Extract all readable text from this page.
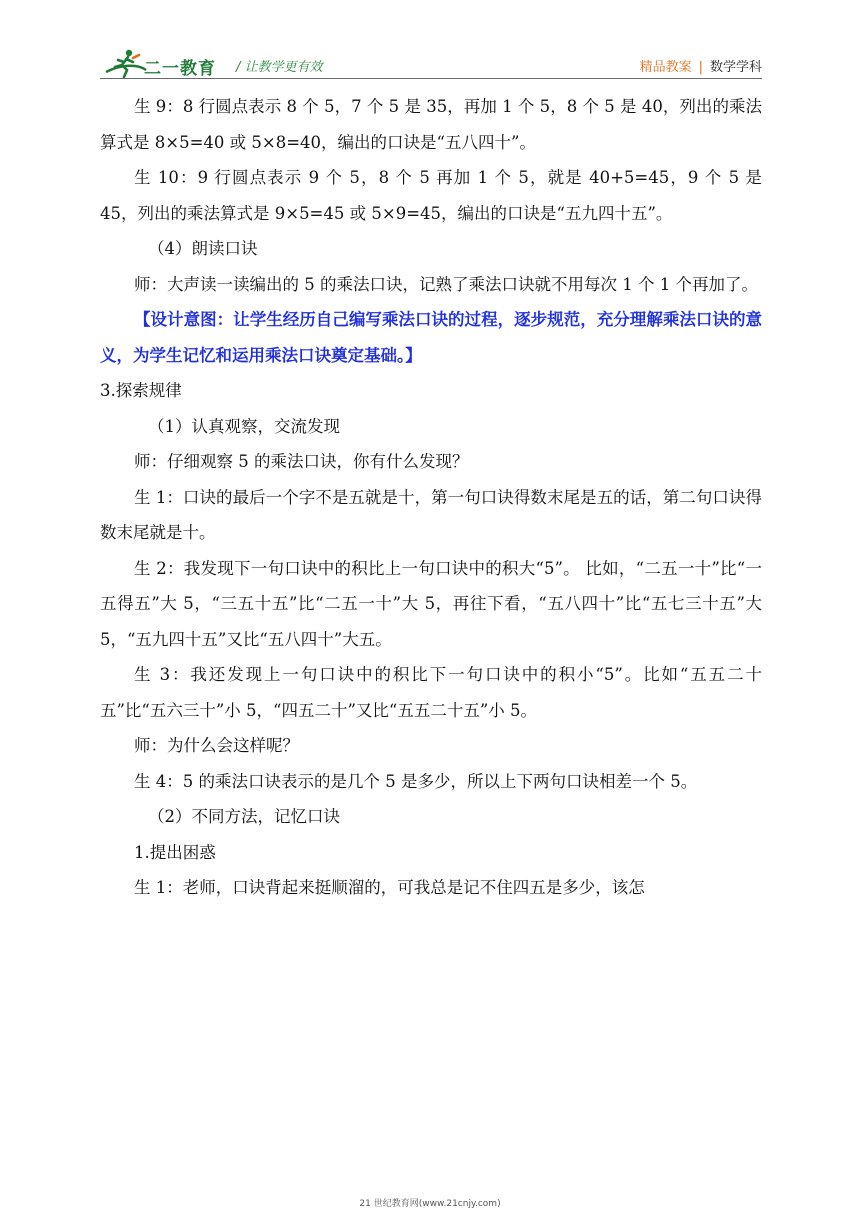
二一教育 / 让教学更有效	精品教案 | 数学学科

生 9：8 行圆点表示 8 个 5，7 个 5 是 35，再加 1 个 5，8 个 5 是 40，列出的乘法算式是 8×5=40 或 5×8=40，编出的口诀是“五八四十”。

生 10：9 行圆点表示 9 个 5，8 个 5 再加 1 个 5，就是 40+5=45，9 个 5 是 45，列出的乘法算式是 9×5=45 或 5×9=45，编出的口诀是“五九四十五”。

（4）朗读口诀

师：大声读一读编出的 5 的乘法口诀，记熟了乘法口诀就不用每次 1 个 1 个再加了。

【设计意图：让学生经历自己编写乘法口诀的过程，逐步规范，充分理解乘法口诀的意义，为学生记忆和运用乘法口诀奠定基础。】

3.探索规律

（1）认真观察，交流发现

师：仔细观察 5 的乘法口诀，你有什么发现？

生 1：口诀的最后一个字不是五就是十，第一句口诀得数末尾是五的话，第二句口诀得数末尾就是十。

生 2：我发现下一句口诀中的积比上一句口诀中的积大“5”。 比如，“二五一十”比“一五得五”大 5，“三五十五”比“二五一十”大 5，再往下看，“五八四十”比“五七三十五”大 5，“五九四十五”又比“五八四十”大五。

生 3：我还发现上一句口诀中的积比下一句口诀中的积小“5”。比如“五五二十五”比“五六三十”小 5，“四五二十”又比“五五二十五”小 5。

师：为什么会这样呢？

生 4：5 的乘法口诀表示的是几个 5 是多少，所以上下两句口诀相差一个 5。

（2）不同方法，记忆口诀

1.提出困惑

生 1：老师，口诀背起来挺顺溜的，可我总是记不住四五是多少，该怎

21 世纪教育网(www.21cnjy.com)
